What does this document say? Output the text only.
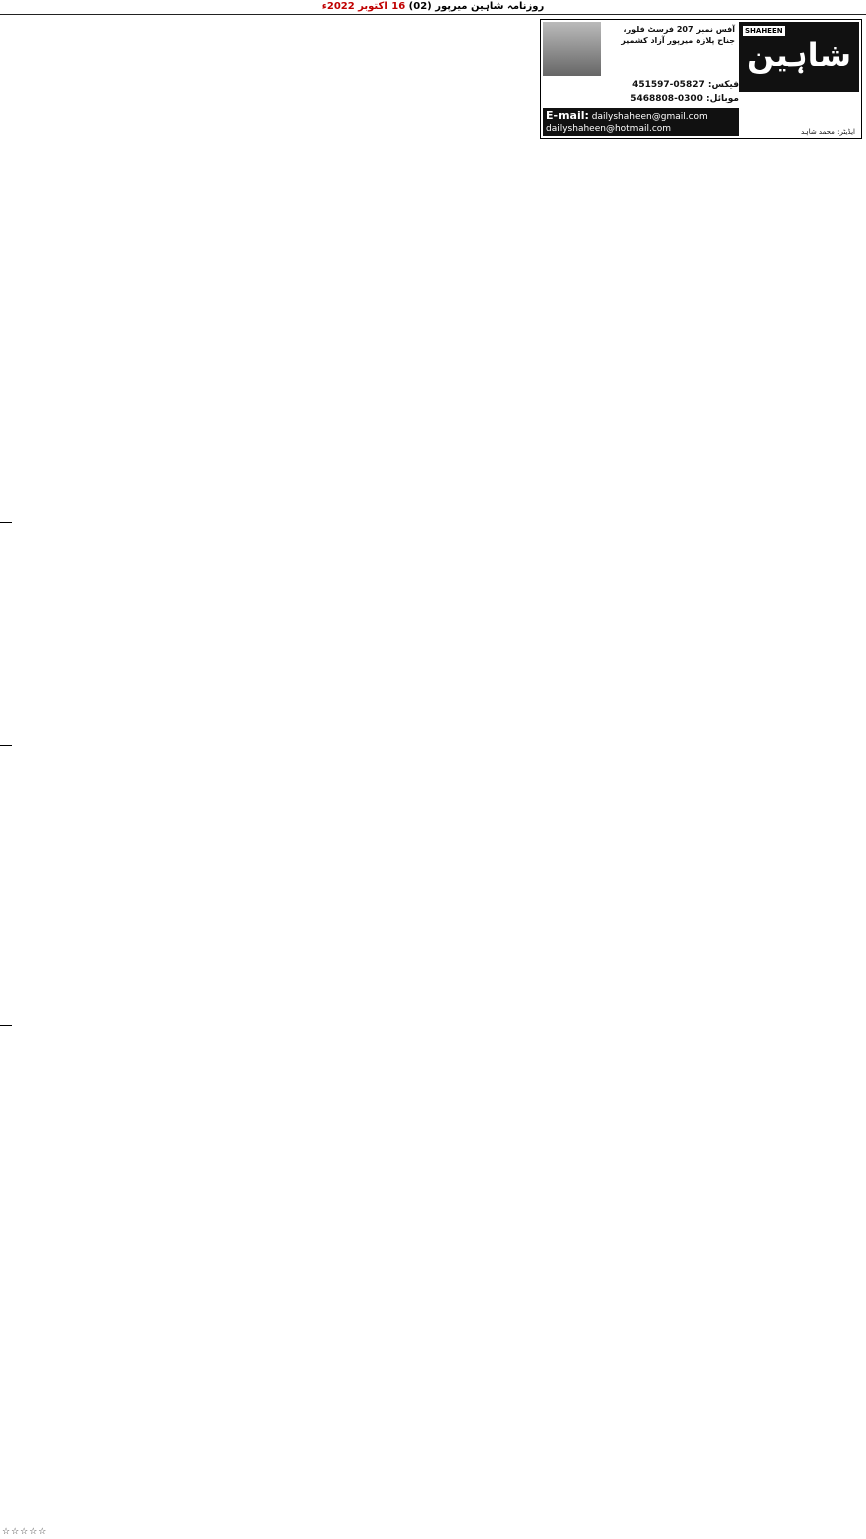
روزنامہ شاہین میرپور (02) 16 اکتوبر 2022ء
SHAHEEN
شاہین
آفس نمبر 207 فرسٹ فلور، جناح پلازہ میرپور آزاد کشمیر
فیکس: 05827-451597
موبائل: 0300-5468808
E-mail: dailyshaheen@gmail.com
dailyshaheen@hotmail.com	ایڈیٹر: محمد شاہد
☆☆☆☆☆
